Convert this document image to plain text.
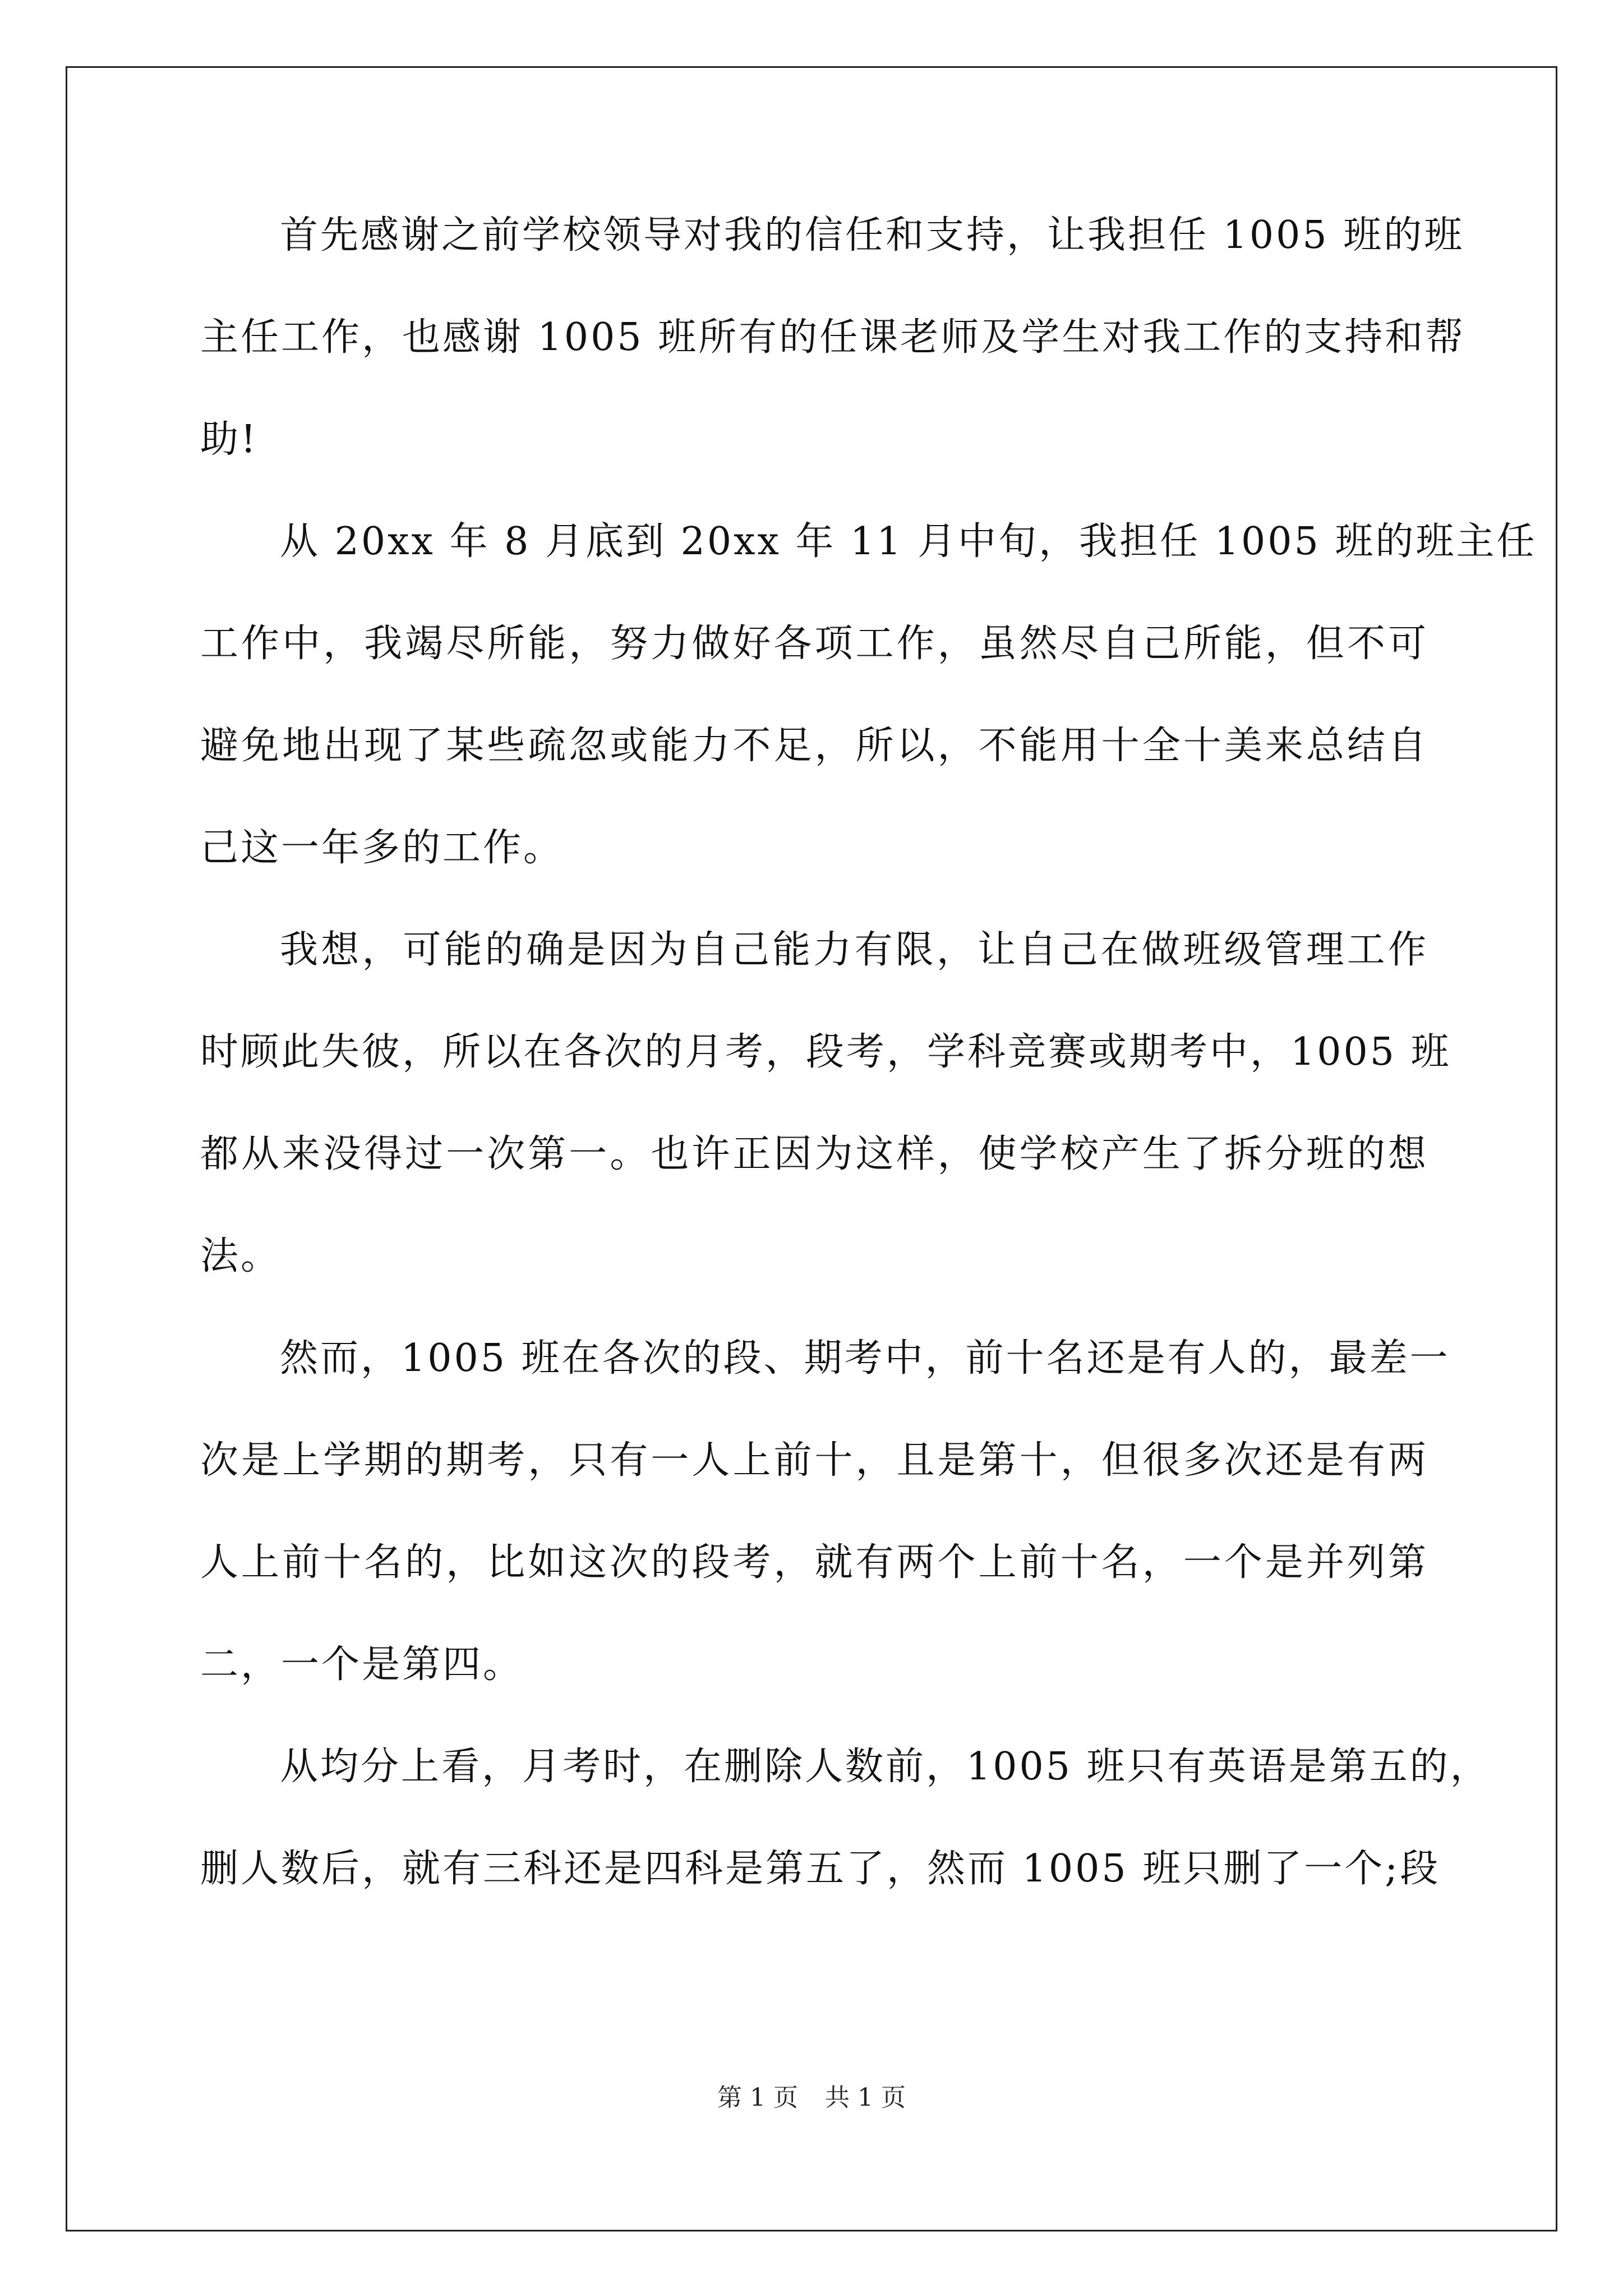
首先感谢之前学校领导对我的信任和支持，让我担任 1005 班的班
主任工作，也感谢 1005 班所有的任课老师及学生对我工作的支持和帮
助!
从 20xx 年 8 月底到 20xx 年 11 月中旬，我担任 1005 班的班主任
工作中，我竭尽所能，努力做好各项工作，虽然尽自己所能，但不可
避免地出现了某些疏忽或能力不足，所以，不能用十全十美来总结自
己这一年多的工作。
我想，可能的确是因为自己能力有限，让自己在做班级管理工作
时顾此失彼，所以在各次的月考，段考，学科竞赛或期考中，1005 班
都从来没得过一次第一。也许正因为这样，使学校产生了拆分班的想
法。
然而，1005 班在各次的段、期考中，前十名还是有人的，最差一
次是上学期的期考，只有一人上前十，且是第十，但很多次还是有两
人上前十名的，比如这次的段考，就有两个上前十名，一个是并列第
二，一个是第四。
从均分上看，月考时，在删除人数前，1005 班只有英语是第五的，
删人数后，就有三科还是四科是第五了，然而 1005 班只删了一个;段
第 1 页 共 1 页
